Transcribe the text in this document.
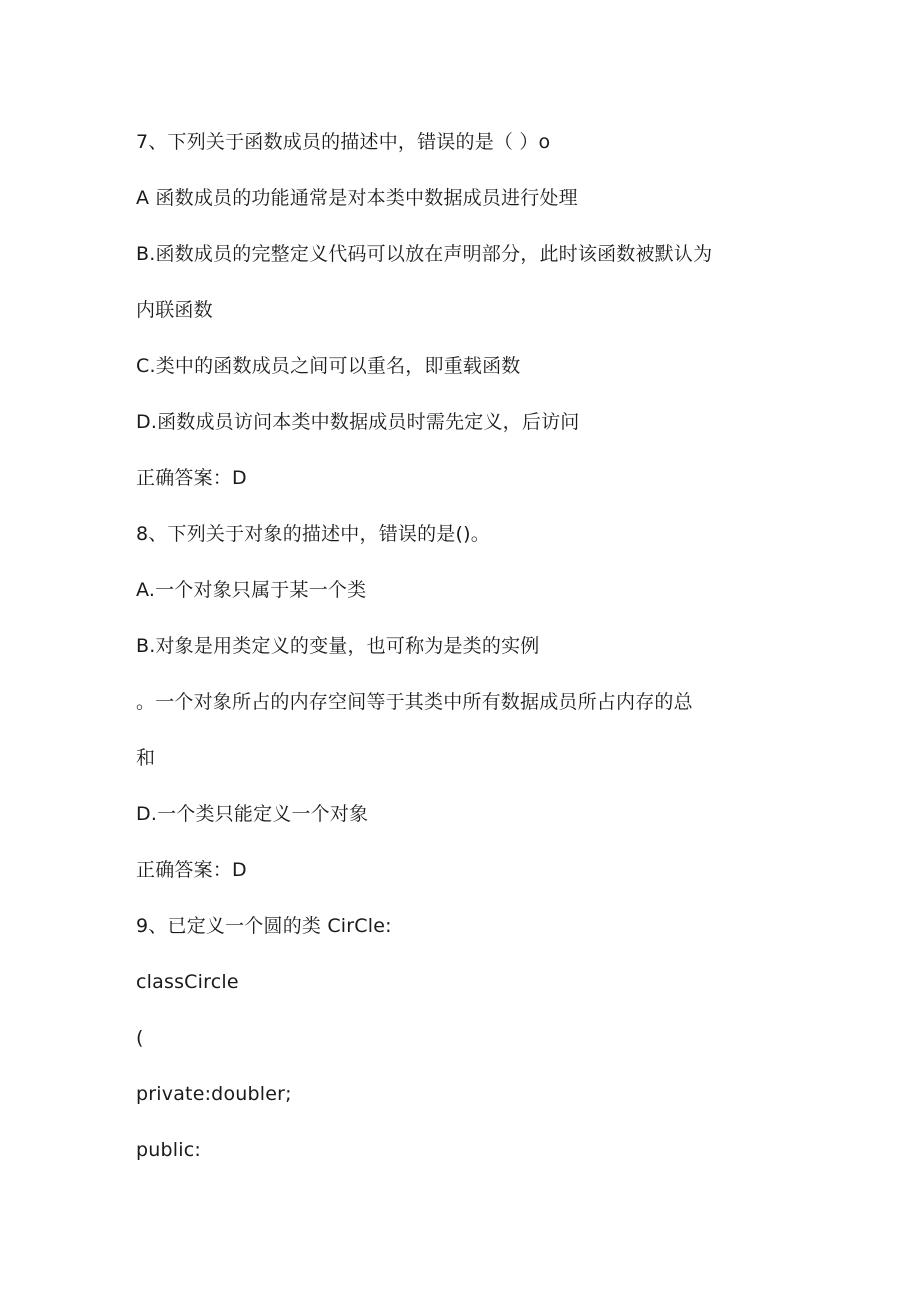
7、下列关于函数成员的描述中，错误的是（ ）o
A 函数成员的功能通常是对本类中数据成员进行处理
B.函数成员的完整定义代码可以放在声明部分，此时该函数被默认为
内联函数
C.类中的函数成员之间可以重名，即重载函数
D.函数成员访问本类中数据成员时需先定义，后访问
正确答案：D
8、下列关于对象的描述中，错误的是()。
A.一个对象只属于某一个类
B.对象是用类定义的变量，也可称为是类的实例
。一个对象所占的内存空间等于其类中所有数据成员所占内存的总
和
D.一个类只能定义一个对象
正确答案：D
9、已定义一个圆的类 CirCle:
classCircle
(
private:doubler;
public:
